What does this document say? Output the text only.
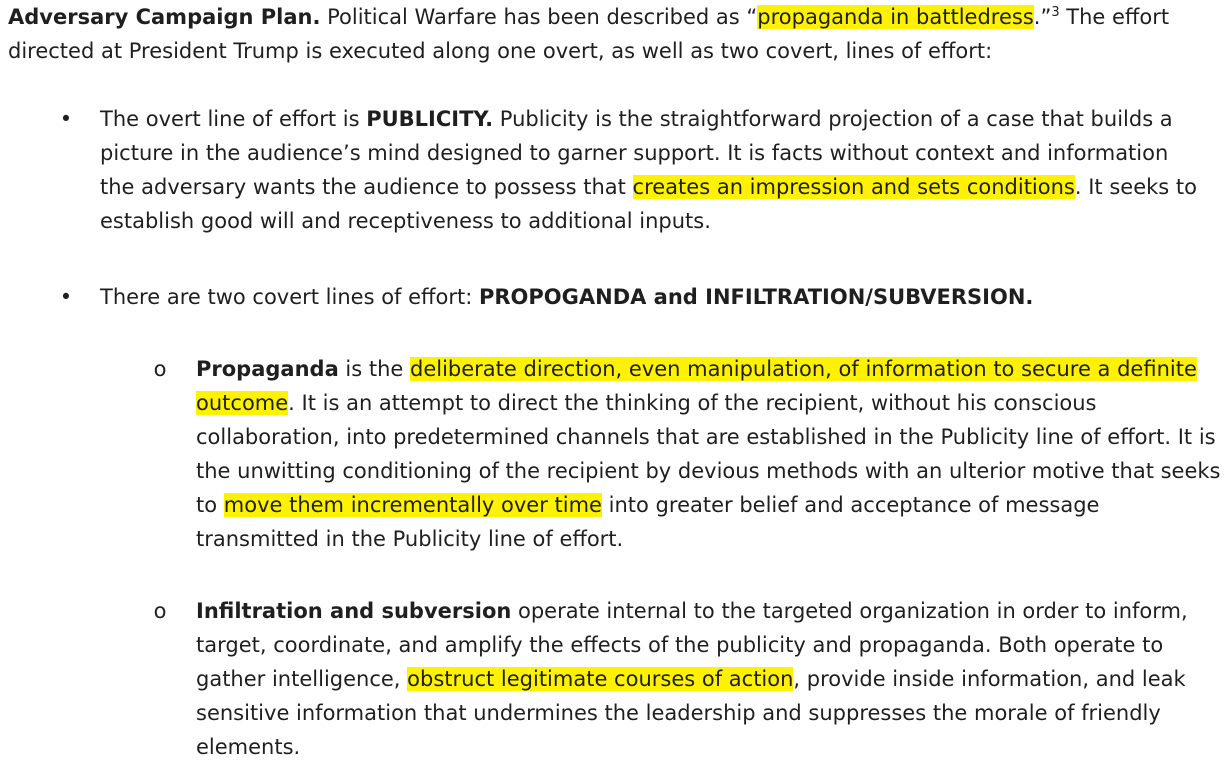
Adversary Campaign Plan. Political Warfare has been described as “propaganda in battledress.”$^3$ The effort directed at President Trump is executed along one overt, as well as two covert, lines of effort:
• The overt line of effort is PUBLICITY. Publicity is the straightforward projection of a case that builds a picture in the audience’s mind designed to garner support. It is facts without context and information the adversary wants the audience to possess that creates an impression and sets conditions. It seeks to establish good will and receptiveness to additional inputs.
• There are two covert lines of effort: PROPOGANDA and INFILTRATION/SUBVERSION.
o Propaganda is the deliberate direction, even manipulation, of information to secure a definite outcome. It is an attempt to direct the thinking of the recipient, without his conscious collaboration, into predetermined channels that are established in the Publicity line of effort. It is the unwitting conditioning of the recipient by devious methods with an ulterior motive that seeks to move them incrementally over time into greater belief and acceptance of message transmitted in the Publicity line of effort.
o Infiltration and subversion operate internal to the targeted organization in order to inform, target, coordinate, and amplify the effects of the publicity and propaganda. Both operate to gather intelligence, obstruct legitimate courses of action, provide inside information, and leak sensitive information that undermines the leadership and suppresses the morale of friendly elements.
